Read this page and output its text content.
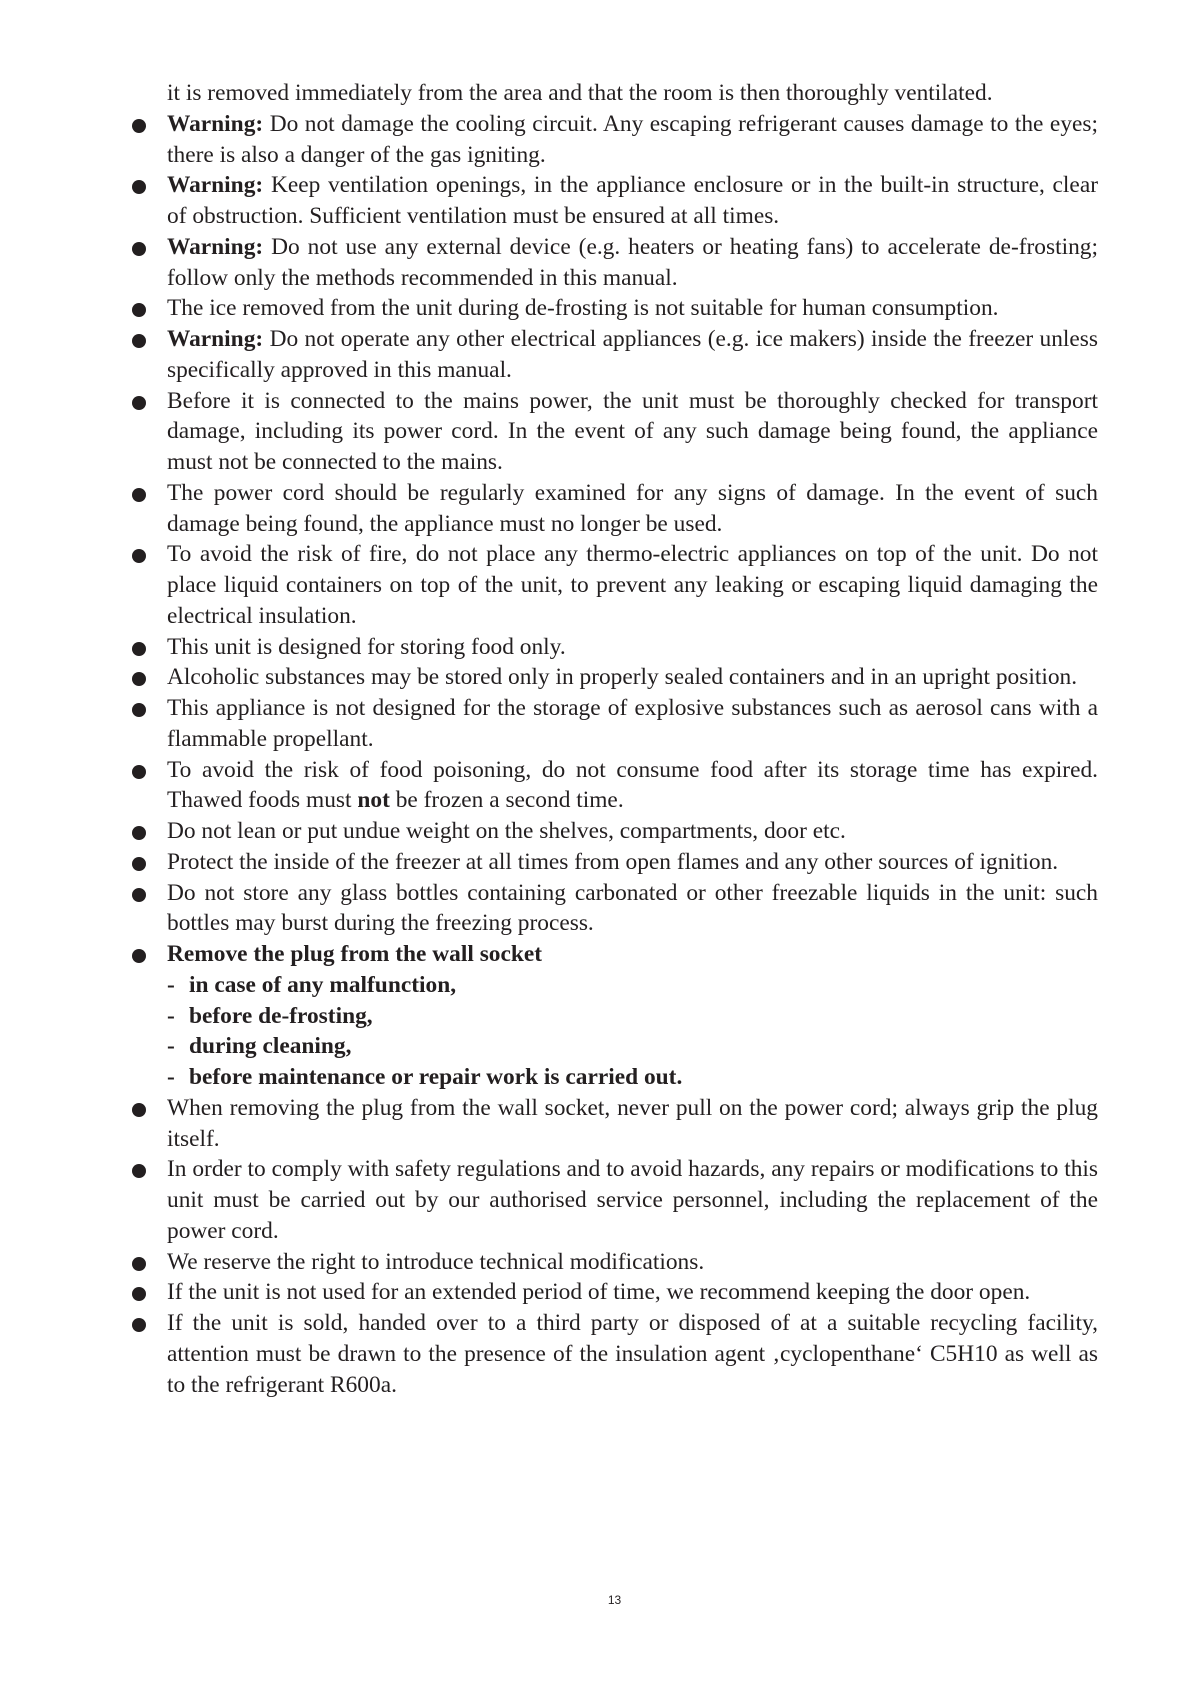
it is removed immediately from the area and that the room is then thoroughly ventilated.
Warning: Do not damage the cooling circuit. Any escaping refrigerant causes damage to the eyes; there is also a danger of the gas igniting.
Warning: Keep ventilation openings, in the appliance enclosure or in the built-in structure, clear of obstruction. Sufficient ventilation must be ensured at all times.
Warning: Do not use any external device (e.g. heaters or heating fans) to accelerate de-frosting; follow only the methods recommended in this manual.
The ice removed from the unit during de-frosting is not suitable for human consumption.
Warning: Do not operate any other electrical appliances (e.g. ice makers) inside the freezer unless specifically approved in this manual.
Before it is connected to the mains power, the unit must be thoroughly checked for transport damage, including its power cord. In the event of any such damage being found, the appliance must not be connected to the mains.
The power cord should be regularly examined for any signs of damage. In the event of such damage being found, the appliance must no longer be used.
To avoid the risk of fire, do not place any thermo-electric appliances on top of the unit. Do not place liquid containers on top of the unit, to prevent any leaking or escaping liquid damaging the electrical insulation.
This unit is designed for storing food only.
Alcoholic substances may be stored only in properly sealed containers and in an upright position.
This appliance is not designed for the storage of explosive substances such as aerosol cans with a flammable propellant.
To avoid the risk of food poisoning, do not consume food after its storage time has expired. Thawed foods must not be frozen a second time.
Do not lean or put undue weight on the shelves, compartments, door etc.
Protect the inside of the freezer at all times from open flames and any other sources of ignition.
Do not store any glass bottles containing carbonated or other freezable liquids in the unit: such bottles may burst during the freezing process.
Remove the plug from the wall socket
- in case of any malfunction,
- before de-frosting,
- during cleaning,
- before maintenance or repair work is carried out.
When removing the plug from the wall socket, never pull on the power cord; always grip the plug itself.
In order to comply with safety regulations and to avoid hazards, any repairs or modifications to this unit must be carried out by our authorised service personnel, including the replacement of the power cord.
We reserve the right to introduce technical modifications.
If the unit is not used for an extended period of time, we recommend keeping the door open.
If the unit is sold, handed over to a third party or disposed of at a suitable recycling facility, attention must be drawn to the presence of the insulation agent ‚cyclopenthane‘ C5H10 as well as to the refrigerant R600a.
13
